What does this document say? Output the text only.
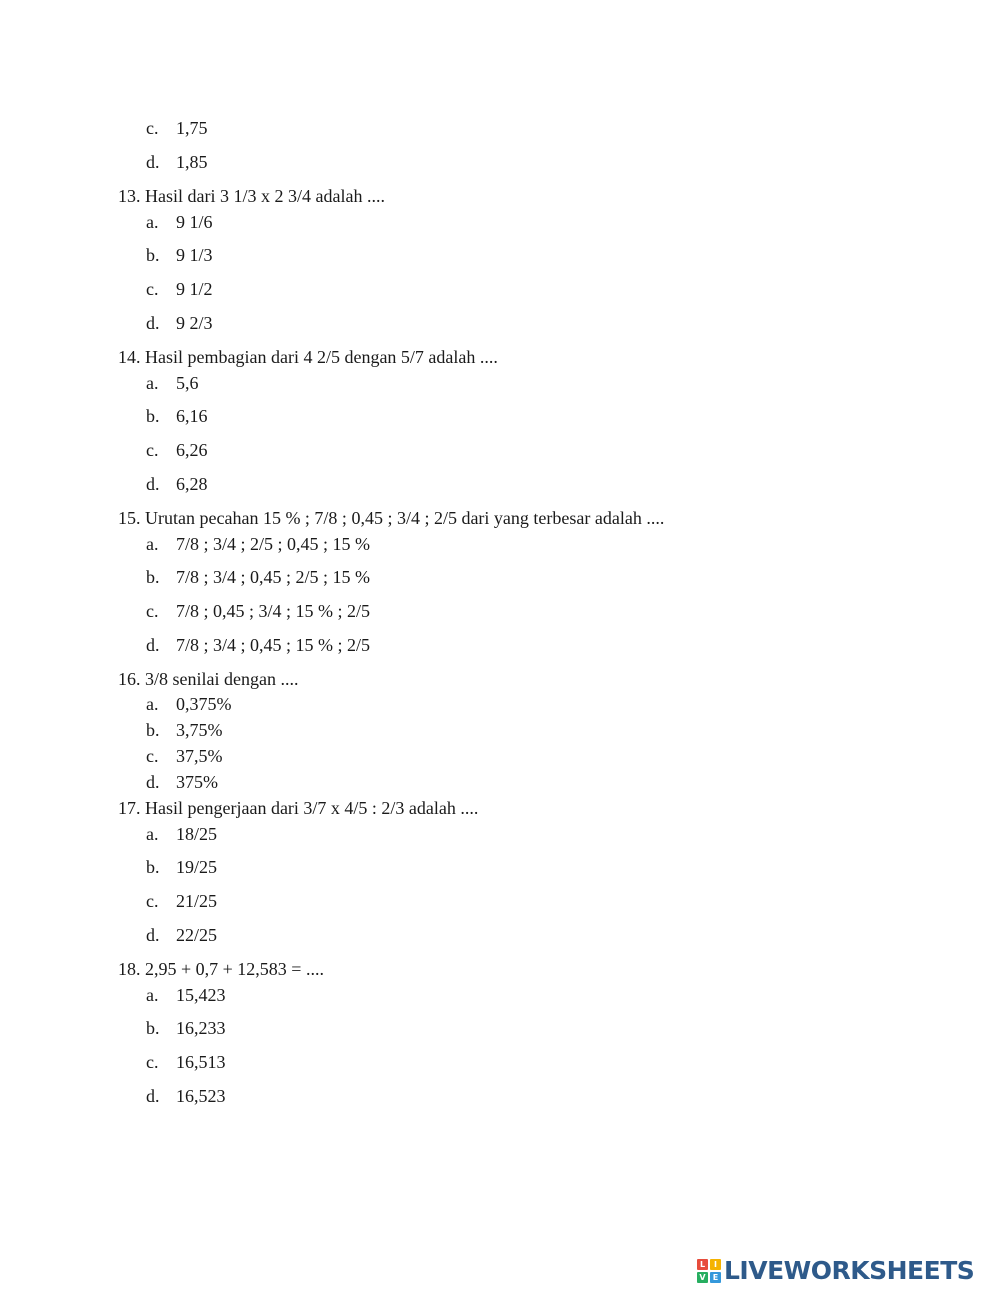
c. 1,75
d. 1,85
13. Hasil dari 3 1/3 x 2 3/4 adalah ....
a. 9 1/6
b. 9 1/3
c. 9 1/2
d. 9 2/3
14. Hasil pembagian dari 4 2/5 dengan 5/7 adalah ....
a. 5,6
b. 6,16
c. 6,26
d. 6,28
15. Urutan pecahan 15 % ; 7/8 ; 0,45 ; 3/4 ; 2/5 dari yang terbesar adalah ....
a. 7/8 ; 3/4 ; 2/5 ; 0,45 ; 15 %
b. 7/8 ; 3/4 ; 0,45 ; 2/5 ; 15 %
c. 7/8 ; 0,45 ; 3/4 ; 15 % ; 2/5
d. 7/8 ; 3/4 ; 0,45 ; 15 % ; 2/5
16. 3/8 senilai dengan ....
a. 0,375%
b. 3,75%
c. 37,5%
d. 375%
17. Hasil pengerjaan dari 3/7 x 4/5 : 2/3 adalah ....
a. 18/25
b. 19/25
c. 21/25
d. 22/25
18. 2,95 + 0,7 + 12,583 = ....
a. 15,423
b. 16,233
c. 16,513
d. 16,523
L	I
V E LIVEWORKSHEETS
